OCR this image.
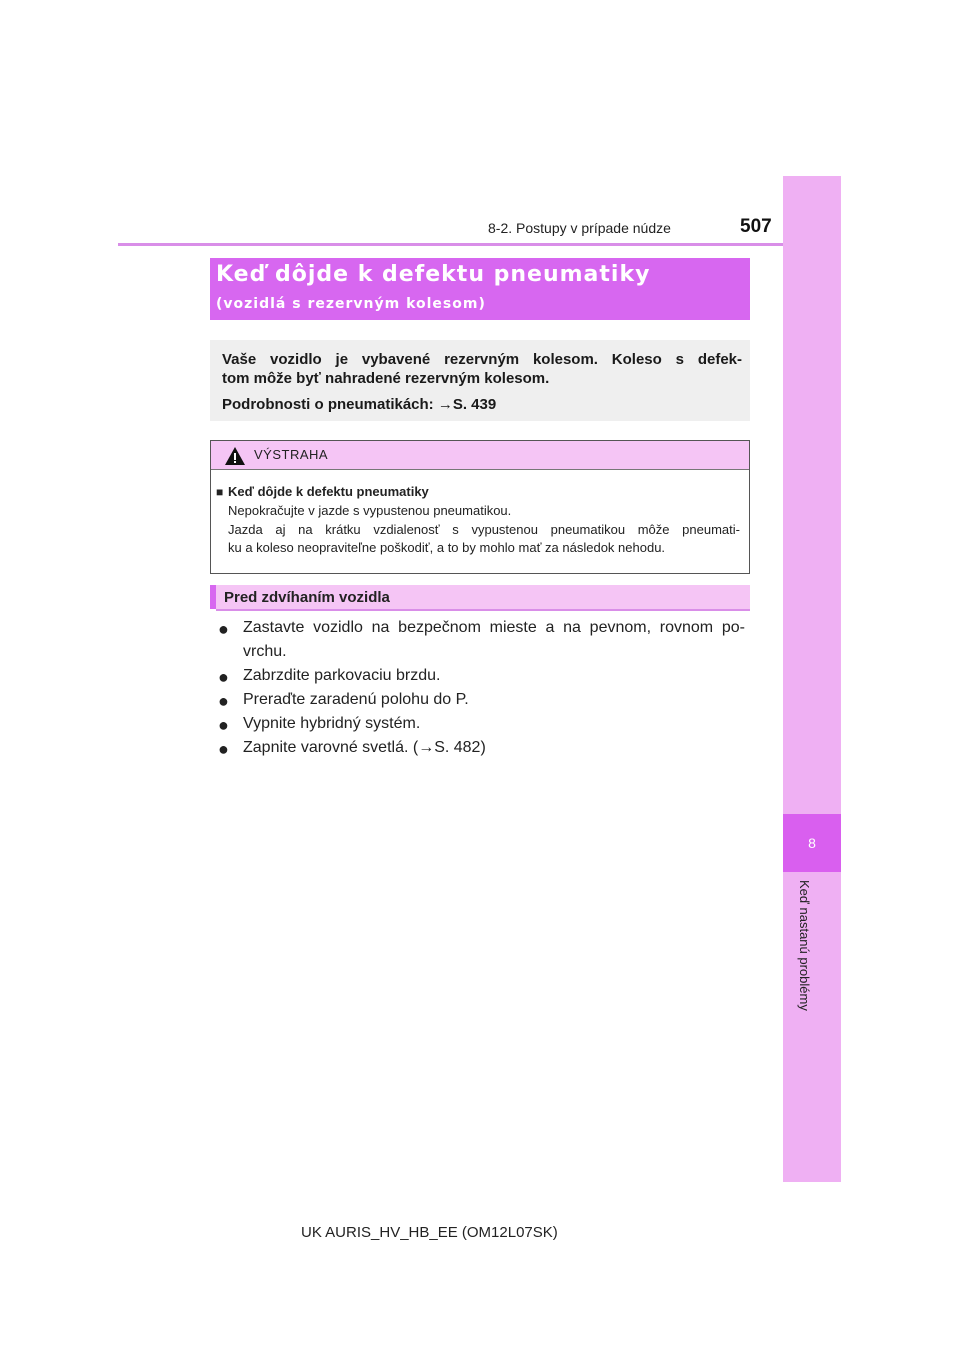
8-2. Postupy v prípade núdze	507
8
Keď nastanú problémy
Keď dôjde k defektu pneumatiky
(vozidlá s rezervným kolesom)
Vaše vozidlo je vybavené rezervným kolesom. Koleso s defek-
tom môže byť nahradené rezervným kolesom.
Podrobnosti o pneumatikách: →S. 439
VÝSTRAHA
■ Keď dôjde k defektu pneumatiky
Nepokračujte v jazde s vypustenou pneumatikou.
Jazda aj na krátku vzdialenosť s vypustenou pneumatikou môže pneumati-
ku a koleso neopraviteľne poškodiť, a to by mohlo mať za následok nehodu.
Pred zdvíhaním vozidla
● Zastavte vozidlo na bezpečnom mieste a na pevnom, rovnom po-
vrchu.
● Zabrzdite parkovaciu brzdu.
● Preraďte zaradenú polohu do P.
● Vypnite hybridný systém.
● Zapnite varovné svetlá. (→S. 482)
UK AURIS_HV_HB_EE (OM12L07SK)
